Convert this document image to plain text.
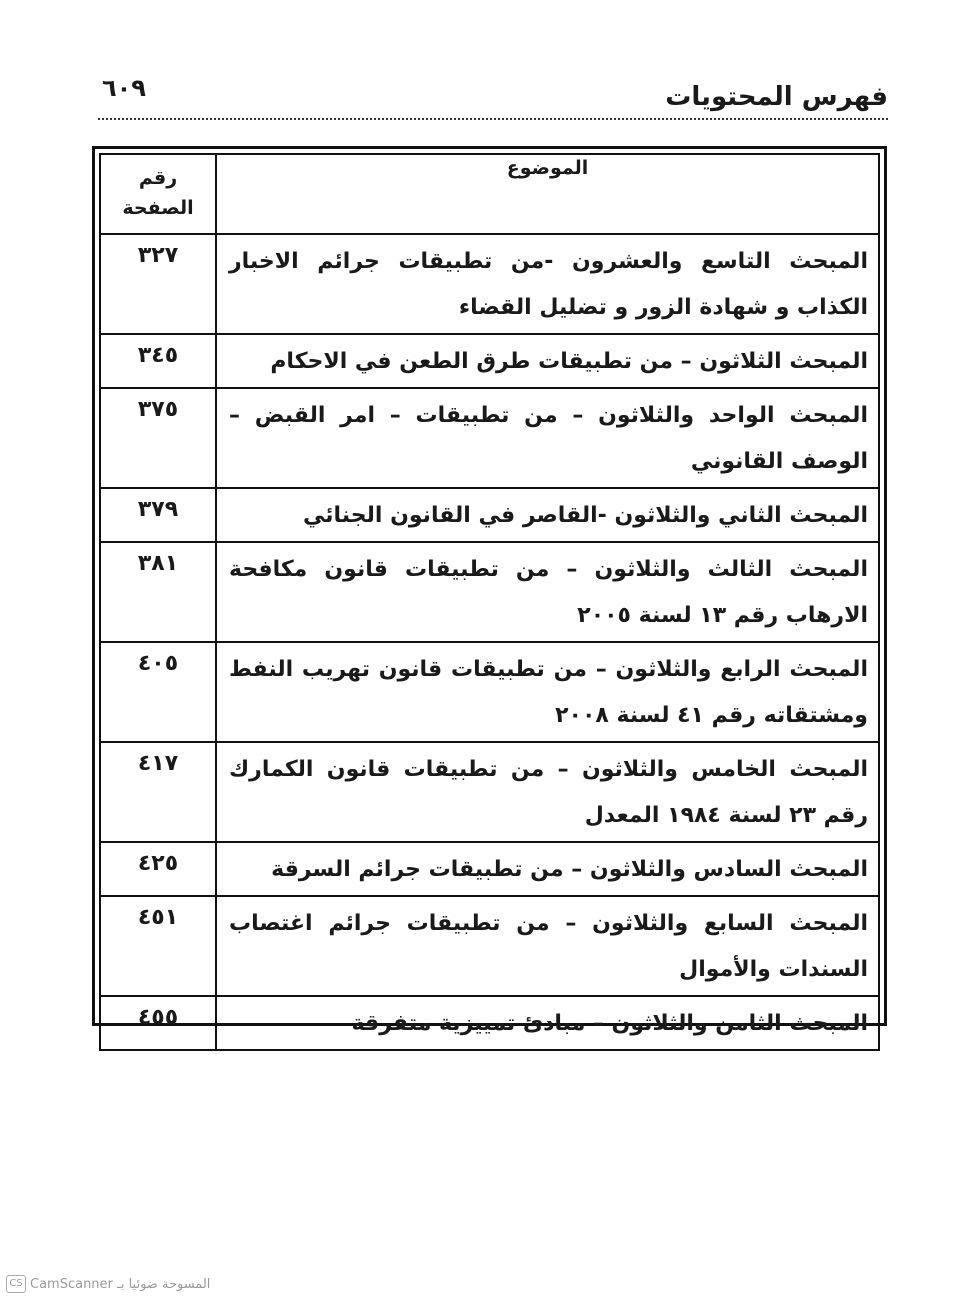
فهرس المحتويات
٦٠٩
الموضوع	رقم
الصفحة

المبحث التاسع والعشرون -من تطبيقات جرائم الاخبار الكذاب و شهادة الزور و تضليل القضاء	٣٢٧
المبحث الثلاثون – من تطبيقات طرق الطعن في الاحكام	٣٤٥
المبحث الواحد والثلاثون – من تطبيقات – امر القبض – الوصف القانوني	٣٧٥
المبحث الثاني والثلاثون -القاصر في القانون الجنائي	٣٧٩
المبحث الثالث والثلاثون – من تطبيقات قانون مكافحة الارهاب رقم ١٣ لسنة ٢٠٠٥	٣٨١
المبحث الرابع والثلاثون – من تطبيقات قانون تهريب النفط ومشتقاته رقم ٤١ لسنة ٢٠٠٨	٤٠٥
المبحث الخامس والثلاثون – من تطبيقات قانون الكمارك رقم ٢٣ لسنة ١٩٨٤ المعدل	٤١٧
المبحث السادس والثلاثون – من تطبيقات جرائم السرقة	٤٢٥
المبحث السابع والثلاثون – من تطبيقات جرائم اغتصاب السندات والأموال	٤٥١
المبحث الثامن والثلاثون – مبادئ تمييزية متفرقة	٤٥٥
CS CamScanner المسوحة ضوئيا بـ
